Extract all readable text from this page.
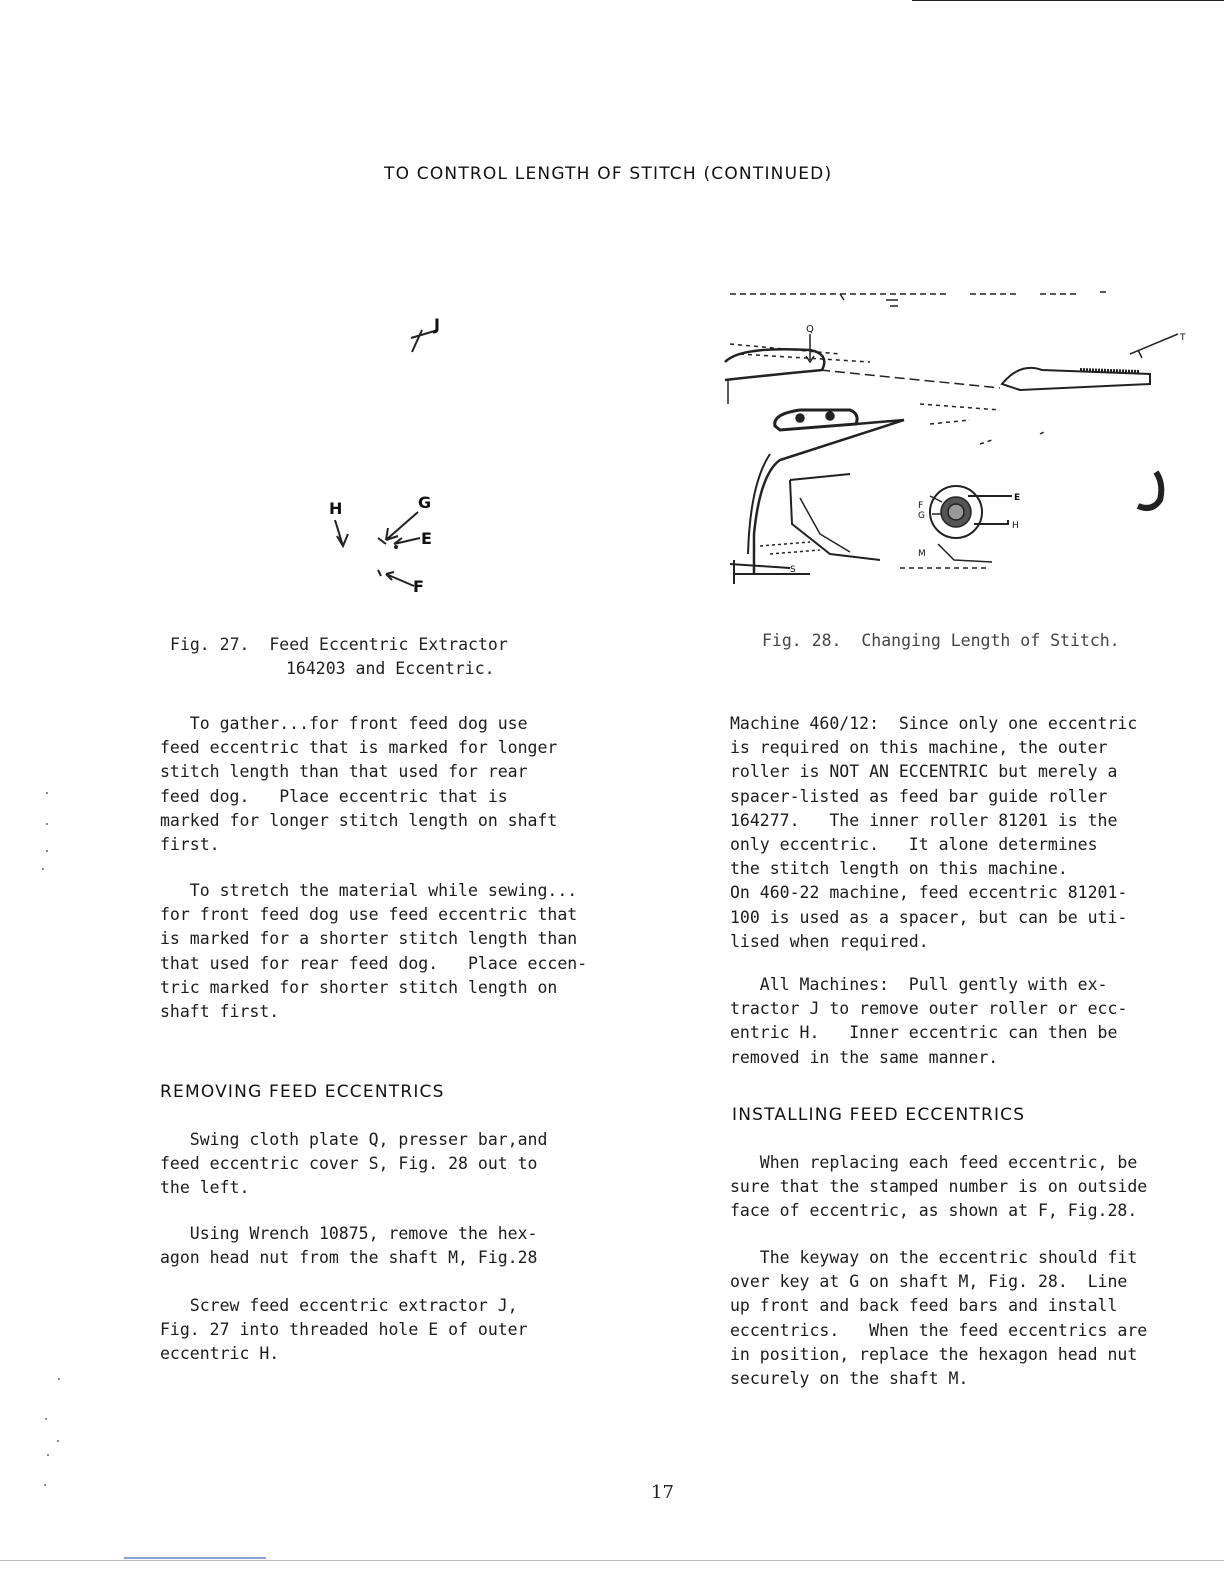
TO CONTROL LENGTH OF STITCH (CONTINUED)
J
H	G
E
F
Fig. 27.  Feed Eccentric Extractor
164203 and Eccentric.
Q
T
E
F
G
H
M
S
Fig. 28.  Changing Length of Stitch.
To gather...for front feed dog use
feed eccentric that is marked for longer
stitch length than that used for rear
feed dog.   Place eccentric that is
marked for longer stitch length on shaft
first.
To stretch the material while sewing...
for front feed dog use feed eccentric that
is marked for a shorter stitch length than
that used for rear feed dog.   Place eccen-
tric marked for shorter stitch length on
shaft first.
REMOVING FEED ECCENTRICS
Swing cloth plate Q, presser bar,and
feed eccentric cover S, Fig. 28 out to
the left.
Using Wrench 10875, remove the hex-
agon head nut from the shaft M, Fig.28
Screw feed eccentric extractor J,
Fig. 27 into threaded hole E of outer
eccentric H.
Machine 460/12:  Since only one eccentric
is required on this machine, the outer
roller is NOT AN ECCENTRIC but merely a
spacer-listed as feed bar guide roller
164277.   The inner roller 81201 is the
only eccentric.   It alone determines
the stitch length on this machine.
On 460-22 machine, feed eccentric 81201-
100 is used as a spacer, but can be uti-
lised when required.
All Machines:  Pull gently with ex-
tractor J to remove outer roller or ecc-
entric H.   Inner eccentric can then be
removed in the same manner.
INSTALLING FEED ECCENTRICS
When replacing each feed eccentric, be
sure that the stamped number is on outside
face of eccentric, as shown at F, Fig.28.
The keyway on the eccentric should fit
over key at G on shaft M, Fig. 28.  Line
up front and back feed bars and install
eccentrics.   When the feed eccentrics are
in position, replace the hexagon head nut
securely on the shaft M.
17
